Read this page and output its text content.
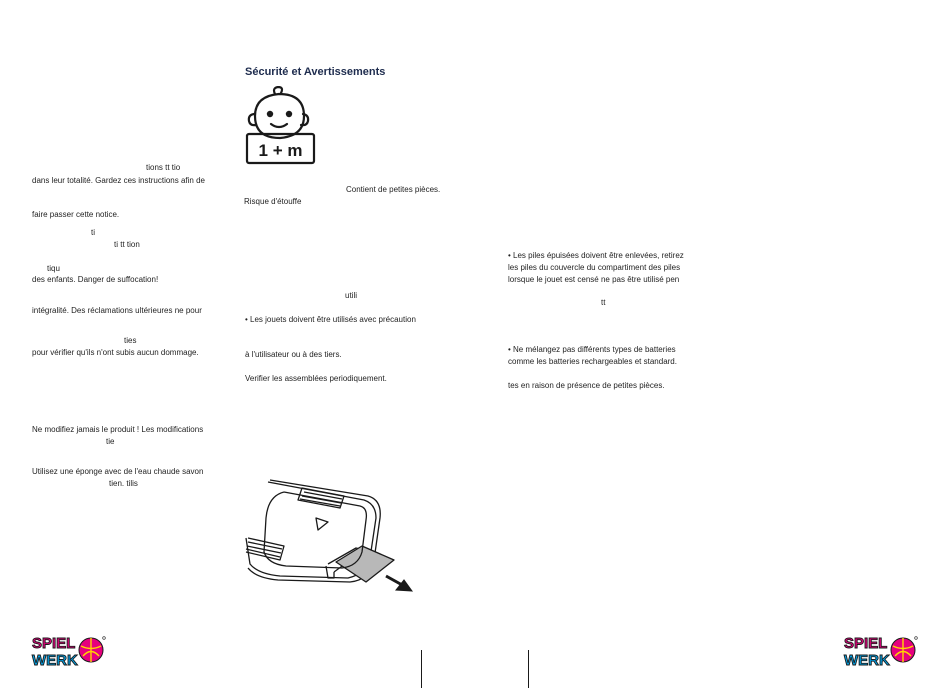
Sécurité et Avertissements
1 + m
tions tt tio
dans leur totalité. Gardez ces instructions afin de
faire passer cette notice.
ti
ti tt tion
tiqu
des enfants. Danger de suffocation!
intégralité. Des réclamations ultérieures ne pour
ties
pour vérifier qu'ils n'ont subis aucun dommage.
Ne modifiez jamais le produit ! Les modifications
tie
Utilisez une éponge avec de l'eau chaude savon
tien. tilis
Contient de petites pièces.
Risque d'étouffe
utili
• Les jouets doivent être utilisés avec précaution
à l'utilisateur ou à des tiers.
Verifier les assemblées periodiquement.
• Les piles épuisées doivent être enlevées, retirez
les piles du couvercle du compartiment des piles
lorsque le jouet est censé ne pas être utilisé pen
tt
• Ne mélangez pas différents types de batteries
comme les batteries rechargeables et standard.
tes en raison de présence de petites pièces.
SPIEL
WERK
SPIEL
WERK
